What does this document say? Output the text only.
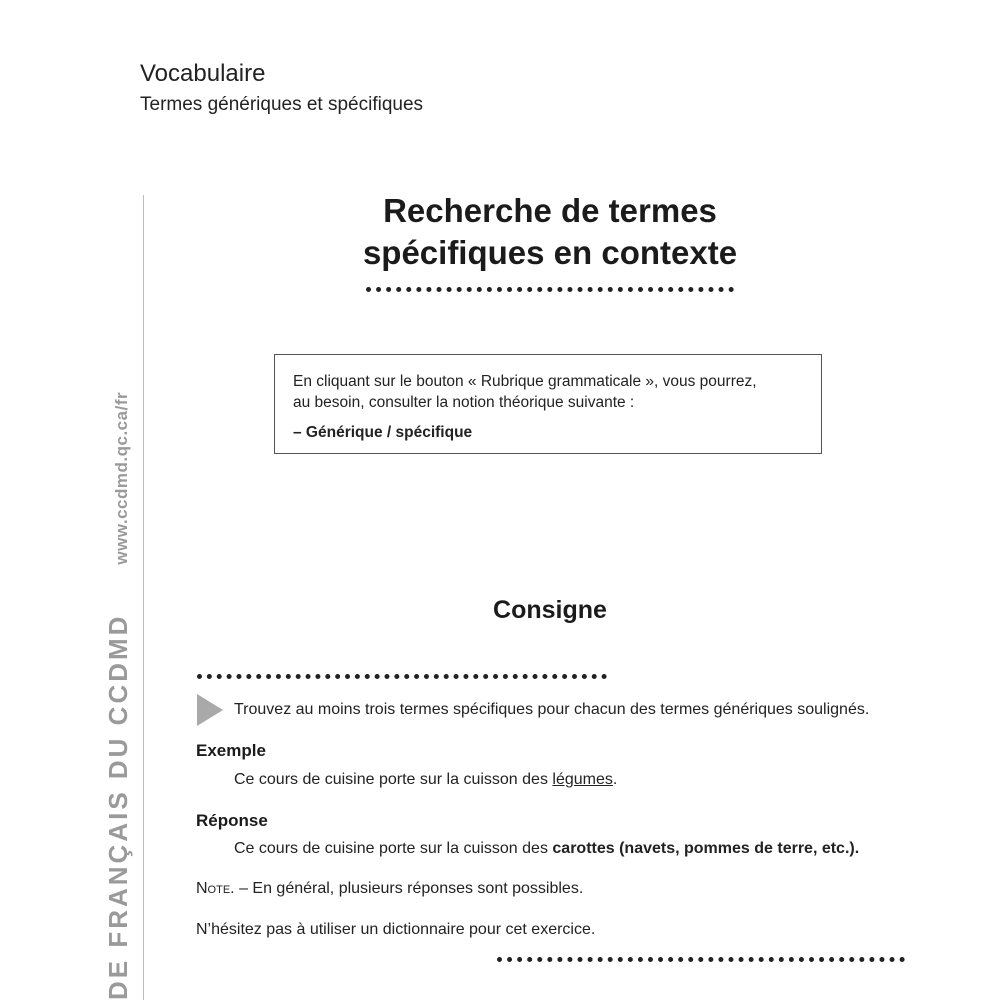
Vocabulaire
Termes génériques et spécifiques
DE FRANÇAIS DU CCDMD  www.ccdmd.qc.ca/fr
Recherche de termes
spécifiques en contexte
En cliquant sur le bouton « Rubrique grammaticale », vous pourrez,
au besoin, consulter la notion théorique suivante :
– Générique / spécifique
Consigne
Trouvez au moins trois termes spécifiques pour chacun des termes génériques soulignés.
Exemple
Ce cours de cuisine porte sur la cuisson des légumes.
Réponse
Ce cours de cuisine porte sur la cuisson des carottes (navets, pommes de terre, etc.).
Note. – En général, plusieurs réponses sont possibles.
N’hésitez pas à utiliser un dictionnaire pour cet exercice.
